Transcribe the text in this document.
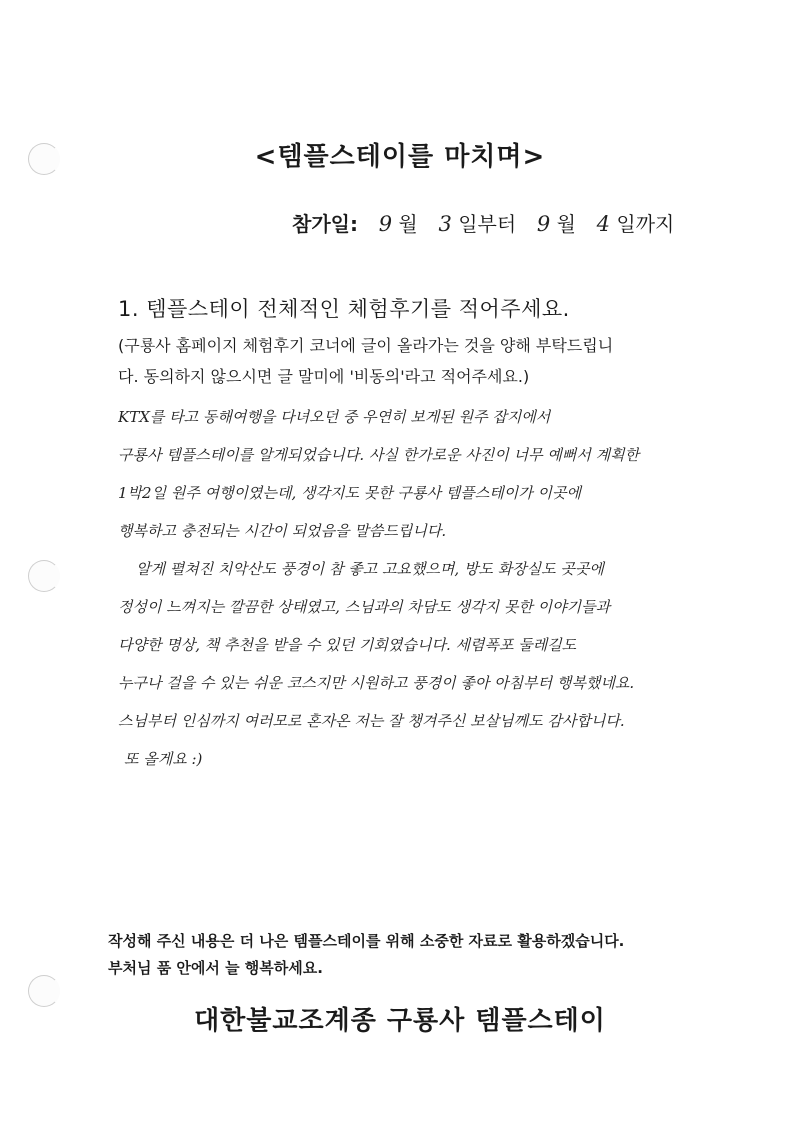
<템플스테이를 마치며>
참가일: 9 월 3 일부터 9 월 4 일까지
1. 템플스테이 전체적인 체험후기를 적어주세요.
(구룡사 홈페이지 체험후기 코너에 글이 올라가는 것을 양해 부탁드립니
다. 동의하지 않으시면 글 말미에 '비동의'라고 적어주세요.)
KTX를 타고 동해여행을 다녀오던 중 우연히 보게된 원주 잡지에서
구룡사 템플스테이를 알게되었습니다. 사실 한가로운 사진이 너무 예뻐서 계획한
1박2일 원주 여행이였는데, 생각지도 못한 구룡사 템플스테이가 이곳에
행복하고 충전되는 시간이 되었음을 말씀드립니다.
알게 펼쳐진 치악산도 풍경이 참 좋고 고요했으며, 방도 화장실도 곳곳에
정성이 느껴지는 깔끔한 상태였고, 스님과의 차담도 생각지 못한 이야기들과
다양한 명상, 책 추천을 받을 수 있던 기회였습니다. 세렴폭포 둘레길도
누구나 걸을 수 있는 쉬운 코스지만 시원하고 풍경이 좋아 아침부터 행복했네요.
스님부터 인심까지 여러모로 혼자온 저는 잘 챙겨주신 보살님께도 감사합니다.
또 올게요 :)
작성해 주신 내용은 더 나은 템플스테이를 위해 소중한 자료로 활용하겠습니다.
부처님 품 안에서 늘 행복하세요.
대한불교조계종 구룡사 템플스테이
